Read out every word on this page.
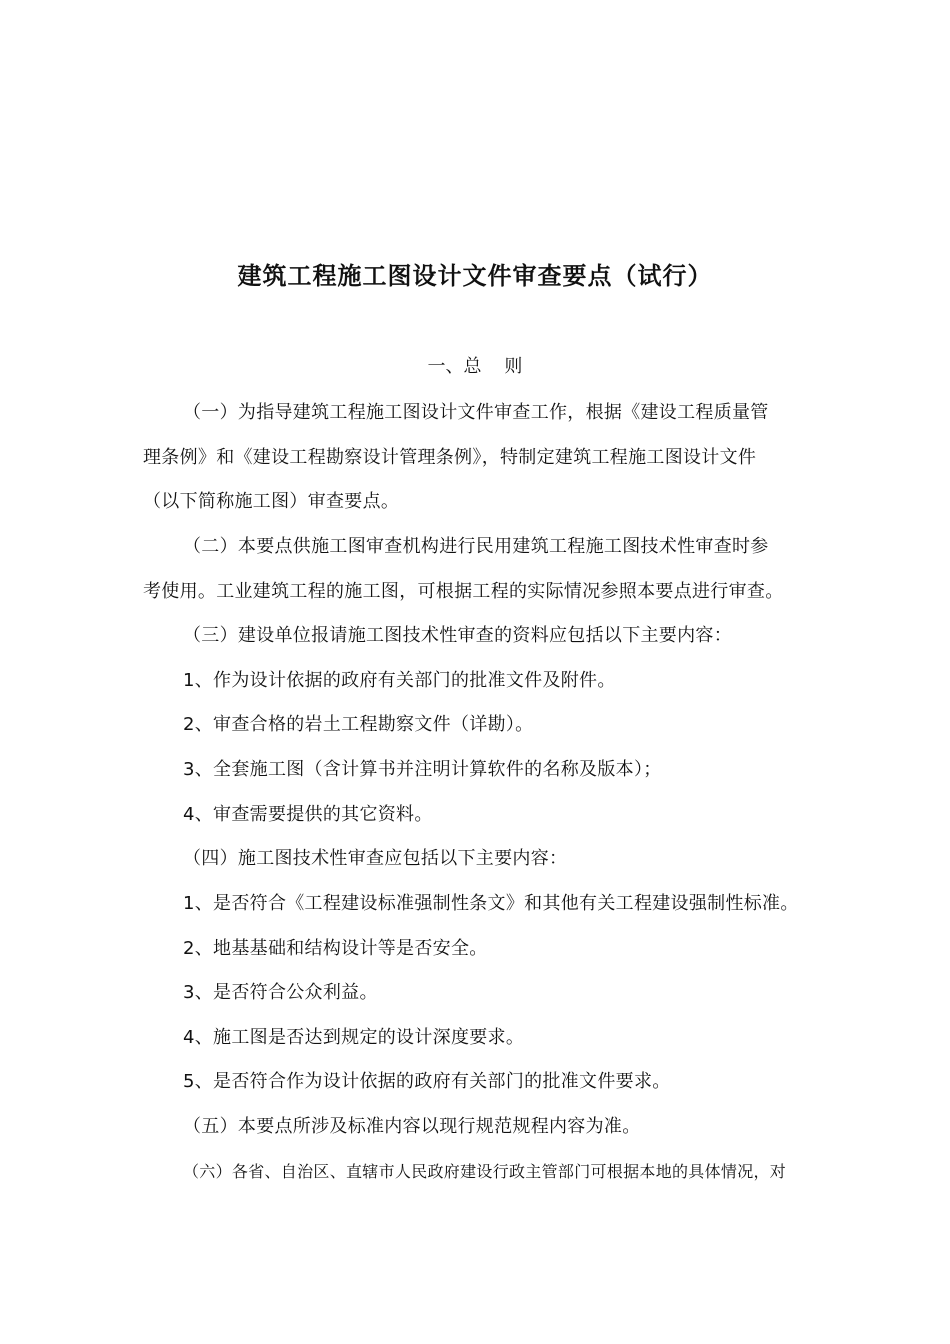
建筑工程施工图设计文件审查要点（试行）
一、总    则
（一）为指导建筑工程施工图设计文件审查工作，根据《建设工程质量管
理条例》和《建设工程勘察设计管理条例》，特制定建筑工程施工图设计文件
（以下简称施工图）审查要点。
（二）本要点供施工图审查机构进行民用建筑工程施工图技术性审查时参
考使用。工业建筑工程的施工图，可根据工程的实际情况参照本要点进行审查。
（三）建设单位报请施工图技术性审查的资料应包括以下主要内容：
1、作为设计依据的政府有关部门的批准文件及附件。
2、审查合格的岩土工程勘察文件（详勘）。
3、全套施工图（含计算书并注明计算软件的名称及版本）；
4、审查需要提供的其它资料。
（四）施工图技术性审查应包括以下主要内容：
1、是否符合《工程建设标准强制性条文》和其他有关工程建设强制性标准。
2、地基基础和结构设计等是否安全。
3、是否符合公众利益。
4、施工图是否达到规定的设计深度要求。
5、是否符合作为设计依据的政府有关部门的批准文件要求。
（五）本要点所涉及标准内容以现行规范规程内容为准。
（六）各省、自治区、直辖市人民政府建设行政主管部门可根据本地的具体情况，对
